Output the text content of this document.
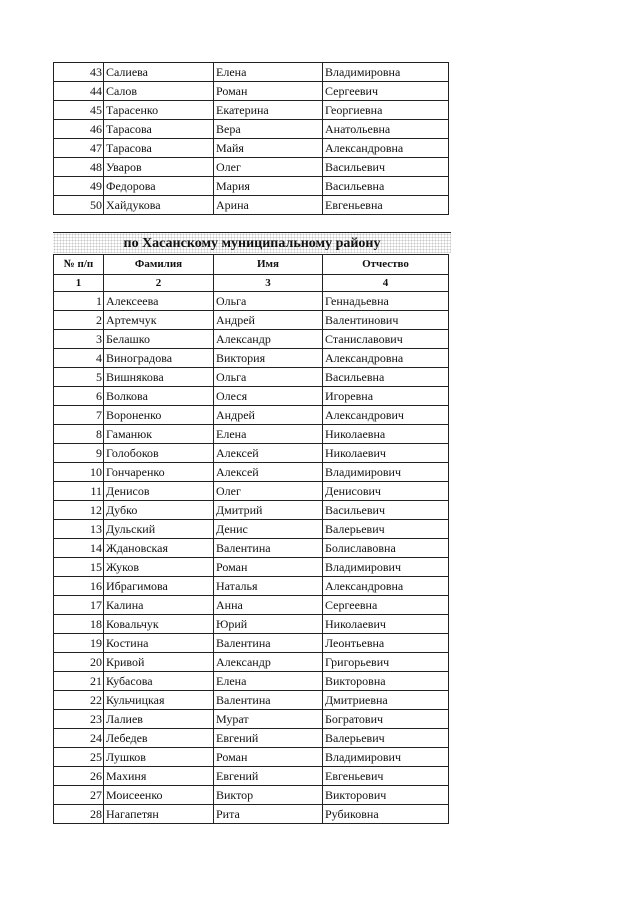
43	Салиева	Елена	Владимировна
44	Салов	Роман	Сергеевич
45	Тарасенко	Екатерина	Георгиевна
46	Тарасова	Вера	Анатольевна
47	Тарасова	Майя	Александровна
48	Уваров	Олег	Васильевич
49	Федорова	Мария	Васильевна
50	Хайдукова	Арина	Евгеньевна
по Хасанскому муниципальному району
№ п/п	Фамилия	Имя	Отчество
1	2	3	4
1	Алексеева	Ольга	Геннадьевна
2	Артемчук	Андрей	Валентинович
3	Белашко	Александр	Станиславович
4	Виноградова	Виктория	Александровна
5	Вишнякова	Ольга	Васильевна
6	Волкова	Олеся	Игоревна
7	Вороненко	Андрей	Александрович
8	Гаманюк	Елена	Николаевна
9	Голобоков	Алексей	Николаевич
10	Гончаренко	Алексей	Владимирович
11	Денисов	Олег	Денисович
12	Дубко	Дмитрий	Васильевич
13	Дульский	Денис	Валерьевич
14	Ждановская	Валентина	Болиславовна
15	Жуков	Роман	Владимирович
16	Ибрагимова	Наталья	Александровна
17	Калина	Анна	Сергеевна
18	Ковальчук	Юрий	Николаевич
19	Костина	Валентина	Леонтьевна
20	Кривой	Александр	Григорьевич
21	Кубасова	Елена	Викторовна
22	Кульчицкая	Валентина	Дмитриевна
23	Лалиев	Мурат	Богратович
24	Лебедев	Евгений	Валерьевич
25	Лушков	Роман	Владимирович
26	Махиня	Евгений	Евгеньевич
27	Моисеенко	Виктор	Викторович
28	Нагапетян	Рита	Рубиковна
